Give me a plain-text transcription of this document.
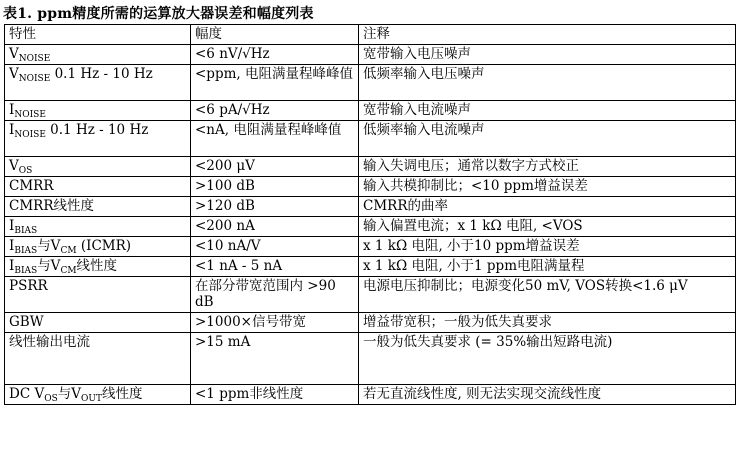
表1. ppm精度所需的运算放大器误差和幅度列表
特性	幅度	注释
$V_{NOISE}$	<6 nV/√Hz	宽带输入电压噪声
$V_{NOISE}$ 0.1 Hz - 10 Hz	<ppm, 电阻满量程峰峰值	低频率输入电压噪声
$I_{NOISE}$	<6 pA/√Hz	宽带输入电流噪声
$I_{NOISE}$ 0.1 Hz - 10 Hz	<nA, 电阻满量程峰峰值	低频率输入电流噪声
$V_{OS}$	<200 μV	输入失调电压；通常以数字方式校正
CMRR	>100 dB	输入共模抑制比；<10 ppm增益误差
CMRR线性度	>120 dB	CMRR的曲率
$I_{BIAS}$	<200 nA	输入偏置电流；x 1 kΩ 电阻, <VOS
$I_{BIAS}$与$V_{CM}$ (ICMR)	<10 nA/V	x 1 kΩ 电阻, 小于10 ppm增益误差
$I_{BIAS}$与$V_{CM}$线性度	<1 nA - 5 nA	x 1 kΩ 电阻, 小于1 ppm电阻满量程
PSRR	在部分带宽范围内 >90 dB	电源电压抑制比；电源变化50 mV, VOS转换<1.6 μV
GBW	>1000×信号带宽	增益带宽积；一般为低失真要求
线性输出电流	>15 mA	一般为低失真要求 (= 35%输出短路电流)
DC $V_{OS}$与$V_{OUT}$线性度	<1 ppm非线性度	若无直流线性度, 则无法实现交流线性度
